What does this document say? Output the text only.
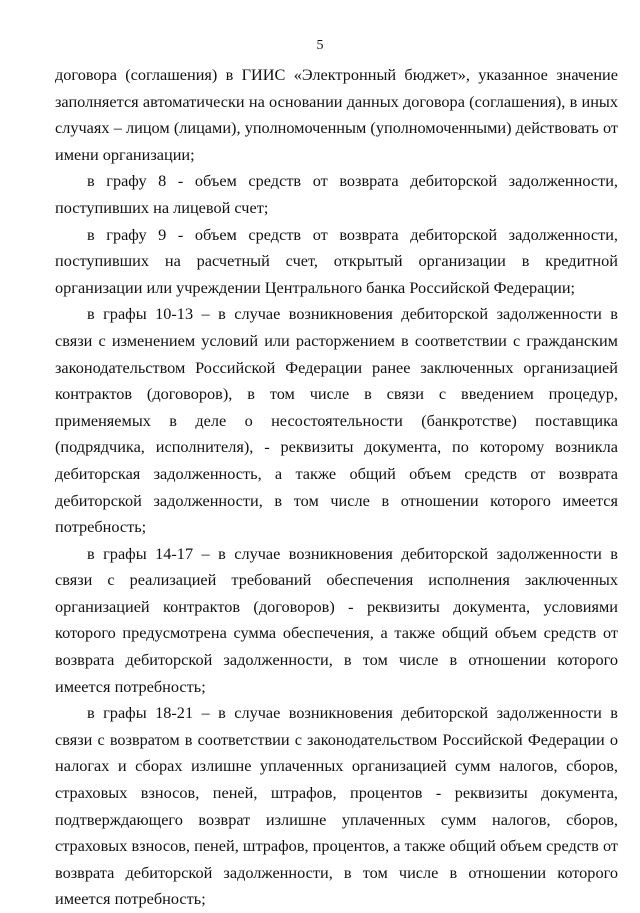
5

договора (соглашения) в ГИИС «Электронный бюджет», указанное значение заполняется автоматически на основании данных договора (соглашения), в иных случаях – лицом (лицами), уполномоченным (уполномоченными) действовать от имени организации;

в графу 8 - объем средств от возврата дебиторской задолженности, поступивших на лицевой счет;

в графу 9 - объем средств от возврата дебиторской задолженности, поступивших на расчетный счет, открытый организации в кредитной организации или учреждении Центрального банка Российской Федерации;

в графы 10-13 – в случае возникновения дебиторской задолженности в связи с изменением условий или расторжением в соответствии с гражданским законодательством Российской Федерации ранее заключенных организацией контрактов (договоров), в том числе в связи с введением процедур, применяемых в деле о несостоятельности (банкротстве) поставщика (подрядчика, исполнителя), - реквизиты документа, по которому возникла дебиторская задолженность, а также общий объем средств от возврата дебиторской задолженности, в том числе в отношении которого имеется потребность;

в графы 14-17 – в случае возникновения дебиторской задолженности в связи с реализацией требований обеспечения исполнения заключенных организацией контрактов (договоров) - реквизиты документа, условиями которого предусмотрена сумма обеспечения, а также общий объем средств от возврата дебиторской задолженности, в том числе в отношении которого имеется потребность;

в графы 18-21 – в случае возникновения дебиторской задолженности в связи с возвратом в соответствии с законодательством Российской Федерации о налогах и сборах излишне уплаченных организацией сумм налогов, сборов, страховых взносов, пеней, штрафов, процентов - реквизиты документа, подтверждающего возврат излишне уплаченных сумм налогов, сборов, страховых взносов, пеней, штрафов, процентов, а также общий объем средств от возврата дебиторской задолженности, в том числе в отношении которого имеется потребность;
